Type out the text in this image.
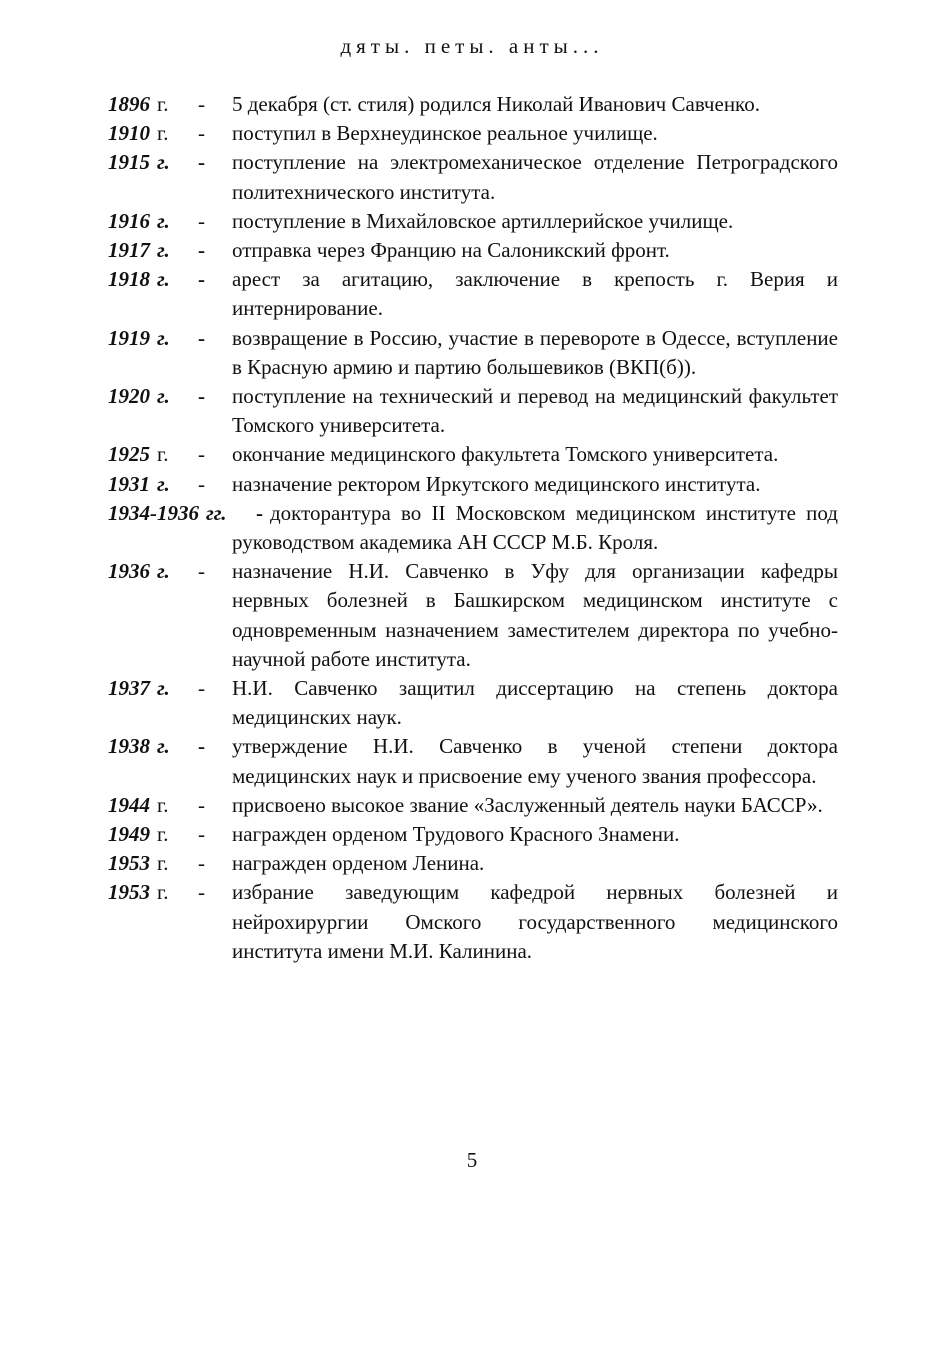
дяты. петы. анты...
1896 г. - 5 декабря (ст. стиля) родился Николай Иванович Савченко.
1910 г. - поступил в Верхнеудинское реальное училище.
1915 г. - поступление на электромеханическое отделение Петроградского политехнического института.
1916 г. - поступление в Михайловское артиллерийское училище.
1917 г. - отправка через Францию на Салоникский фронт.
1918 г. - арест за агитацию, заключение в крепость г. Верия и интернирование.
1919 г. - возвращение в Россию, участие в перевороте в Одессе, вступление в Красную армию и партию большевиков (ВКП(б)).
1920 г. - поступление на технический и перевод на медицинский факультет Томского университета.
1925 г. - окончание медицинского факультета Томского университета.
1931 г. - назначение ректором Иркутского медицинского института.
1934-1936 гг. - докторантура во II Московском медицинском институте под руководством академика АН СССР М.Б. Кроля.
1936 г. - назначение Н.И. Савченко в Уфу для организации кафедры нервных болезней в Башкирском медицинском институте с одновременным назначением заместителем директора по учебно-научной работе института.
1937 г. - Н.И. Савченко защитил диссертацию на степень доктора медицинских наук.
1938 г. - утверждение Н.И. Савченко в ученой степени доктора медицинских наук и присвоение ему ученого звания профессора.
1944 г. - присвоено высокое звание «Заслуженный деятель науки БАССР».
1949 г. - награжден орденом Трудового Красного Знамени.
1953 г. - награжден орденом Ленина.
1953 г. - избрание заведующим кафедрой нервных болезней и нейрохирургии Омского государственного медицинского института имени М.И. Калинина.
5
